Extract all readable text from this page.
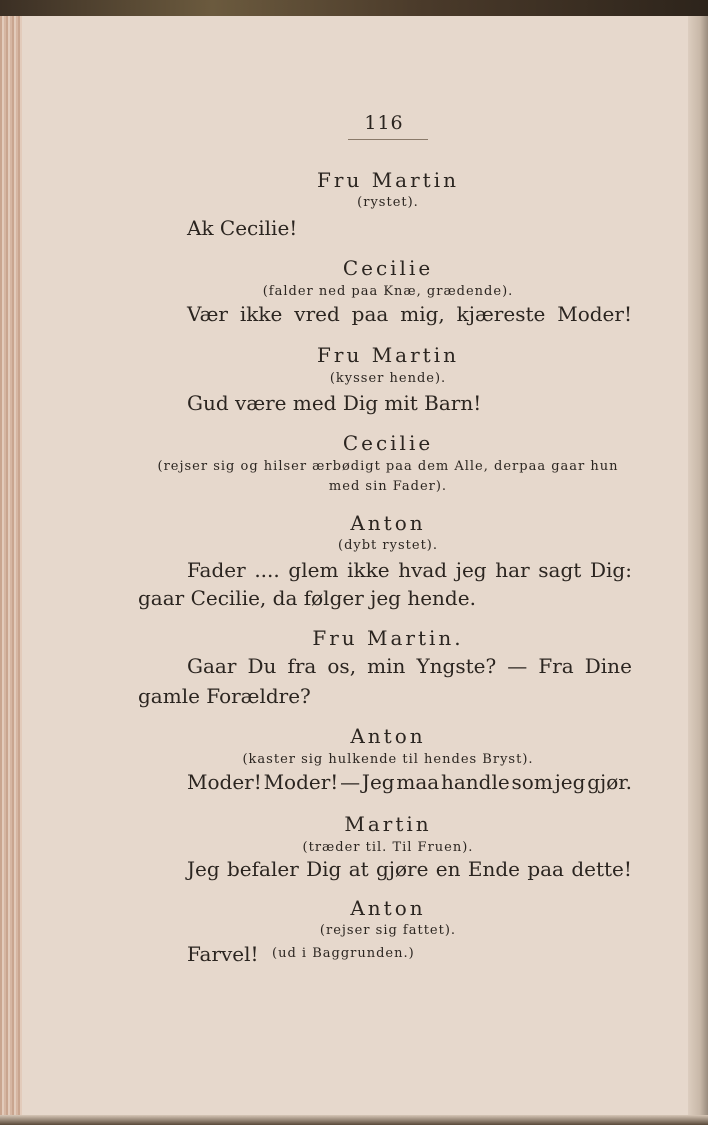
116
Fru Martin
(rystet).
Ak Cecilie!
Cecilie
(falder ned paa Knæ, grædende).
Vær ikke vred paa mig, kjæreste Moder!
Fru Martin
(kysser hende).
Gud være med Dig mit Barn!
Cecilie
(rejser sig og hilser ærbødigt paa dem Alle, derpaa gaar hun
med sin Fader).
Anton
(dybt rystet).
Fader .... glem ikke hvad jeg har sagt Dig:
gaar Cecilie, da følger jeg hende.
Fru Martin.
Gaar Du fra os, min Yngste? — Fra Dine
gamle Forældre?
Anton
(kaster sig hulkende til hendes Bryst).
Moder! Moder! — Jeg maa handle som jeg gjør.
Martin
(træder til. Til Fruen).
Jeg befaler Dig at gjøre en Ende paa dette!
Anton
(rejser sig fattet).
Farvel! (ud i Baggrunden.)
